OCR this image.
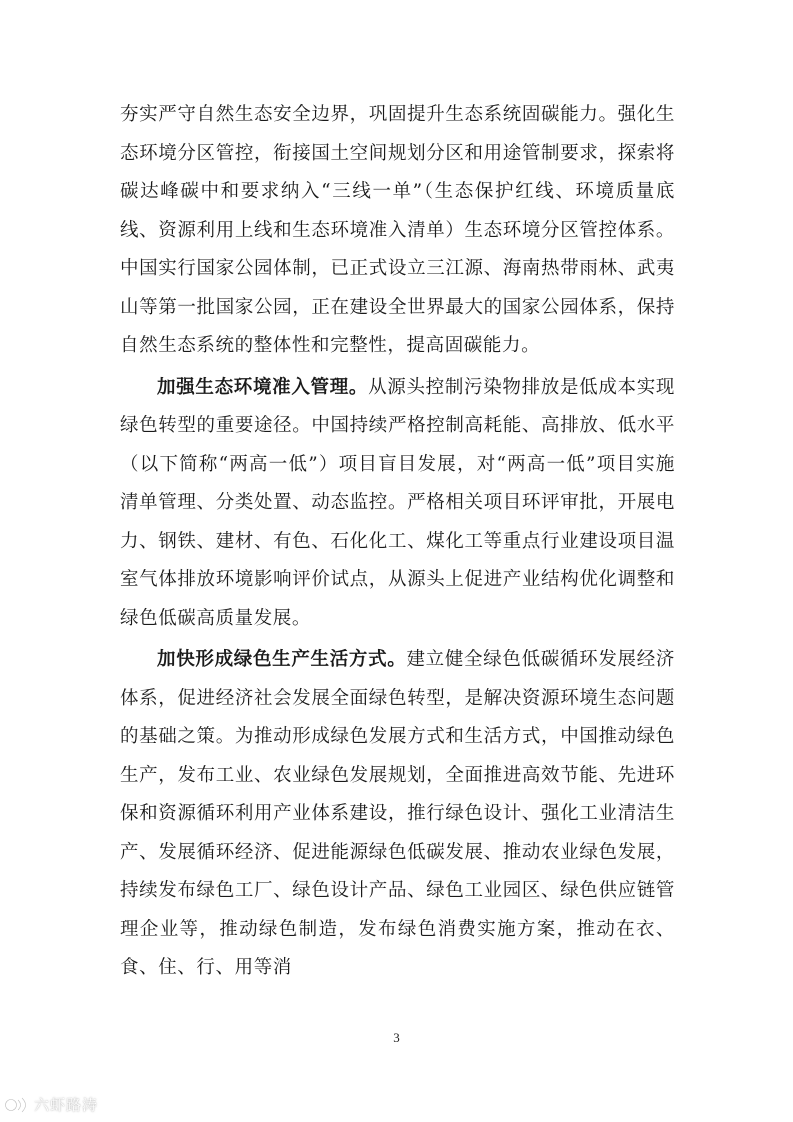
夯实严守自然生态安全边界，巩固提升生态系统固碳能力。强化生态环境分区管控，衔接国土空间规划分区和用途管制要求，探索将碳达峰碳中和要求纳入“三线一单”（生态保护红线、环境质量底线、资源利用上线和生态环境准入清单）生态环境分区管控体系。中国实行国家公园体制，已正式设立三江源、海南热带雨林、武夷山等第一批国家公园，正在建设全世界最大的国家公园体系，保持自然生态系统的整体性和完整性，提高固碳能力。

加强生态环境准入管理。从源头控制污染物排放是低成本实现绿色转型的重要途径。中国持续严格控制高耗能、高排放、低水平（以下简称“两高一低”）项目盲目发展，对“两高一低”项目实施清单管理、分类处置、动态监控。严格相关项目环评审批，开展电力、钢铁、建材、有色、石化化工、煤化工等重点行业建设项目温室气体排放环境影响评价试点，从源头上促进产业结构优化调整和绿色低碳高质量发展。

加快形成绿色生产生活方式。建立健全绿色低碳循环发展经济体系，促进经济社会发展全面绿色转型，是解决资源环境生态问题的基础之策。为推动形成绿色发展方式和生活方式，中国推动绿色生产，发布工业、农业绿色发展规划，全面推进高效节能、先进环保和资源循环利用产业体系建设，推行绿色设计、强化工业清洁生产、发展循环经济、促进能源绿色低碳发展、推动农业绿色发展，持续发布绿色工厂、绿色设计产品、绿色工业园区、绿色供应链管理企业等，推动绿色制造，发布绿色消费实施方案，推动在衣、食、住、行、用等消

3
六虾路涛
